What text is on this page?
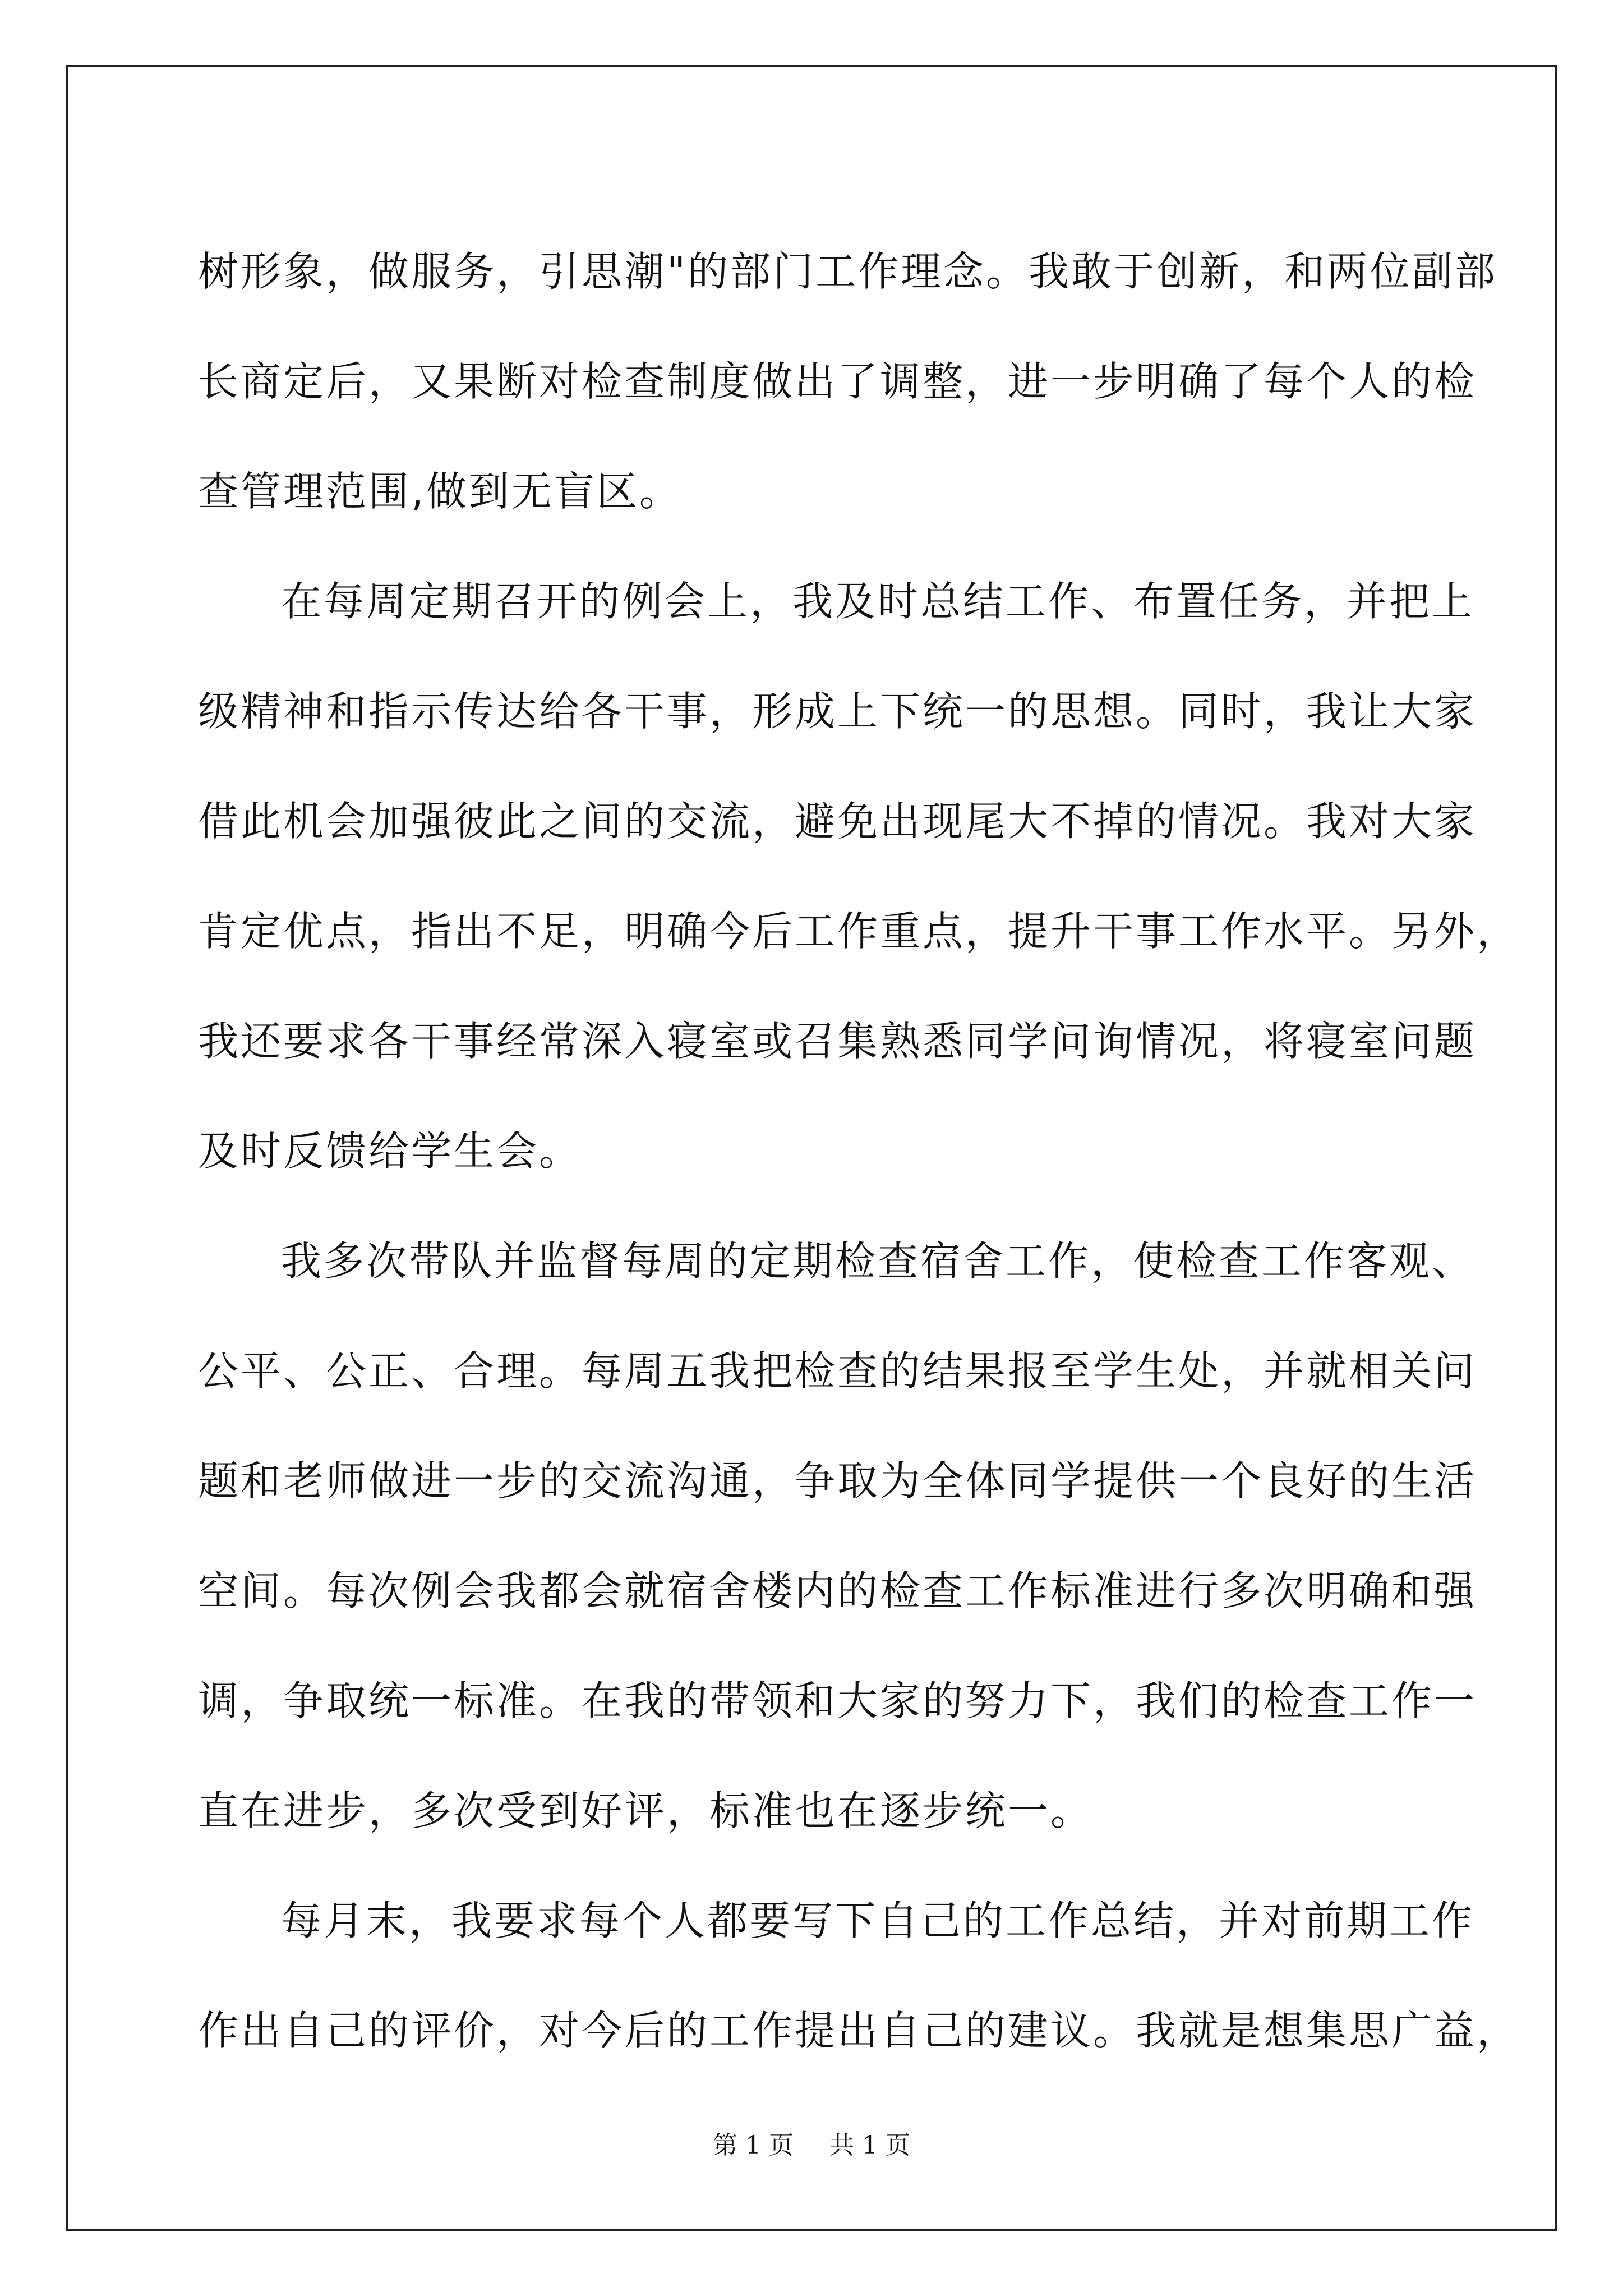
树形象，做服务，引思潮"的部门工作理念。我敢于创新，和两位副部
长商定后，又果断对检查制度做出了调整，进一步明确了每个人的检
查管理范围,做到无盲区。
在每周定期召开的例会上，我及时总结工作、布置任务，并把上
级精神和指示传达给各干事，形成上下统一的思想。同时，我让大家
借此机会加强彼此之间的交流，避免出现尾大不掉的情况。我对大家
肯定优点，指出不足，明确今后工作重点，提升干事工作水平。另外，
我还要求各干事经常深入寝室或召集熟悉同学问询情况，将寝室问题
及时反馈给学生会。
我多次带队并监督每周的定期检查宿舍工作，使检查工作客观、
公平、公正、合理。每周五我把检查的结果报至学生处，并就相关问
题和老师做进一步的交流沟通，争取为全体同学提供一个良好的生活
空间。每次例会我都会就宿舍楼内的检查工作标准进行多次明确和强
调，争取统一标准。在我的带领和大家的努力下，我们的检查工作一
直在进步，多次受到好评，标准也在逐步统一。
每月末，我要求每个人都要写下自己的工作总结，并对前期工作
作出自己的评价，对今后的工作提出自己的建议。我就是想集思广益，
第 1 页 共 1 页
